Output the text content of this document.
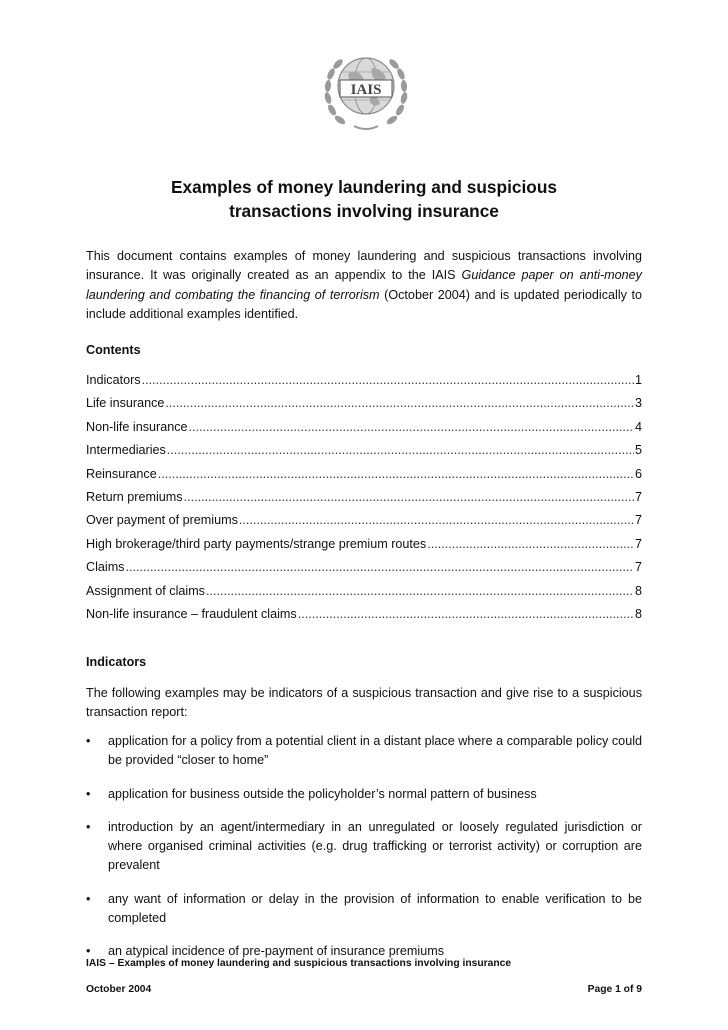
IAIS
Examples of money laundering and suspicious
transactions involving insurance

This document contains examples of money laundering and suspicious transactions involving insurance. It was originally created as an appendix to the IAIS Guidance paper on anti-money laundering and combating the financing of terrorism (October 2004) and is updated periodically to include additional examples identified.

Contents
Indicators .....	1
Life insurance .....	3
Non-life insurance .....	4
Intermediaries .....	5
Reinsurance .....	6
Return premiums .....	7
Over payment of premiums .....	7
High brokerage/third party payments/strange premium routes .....	7
Claims .....	7
Assignment of claims .....	8
Non-life insurance – fraudulent claims .....	8
Indicators

The following examples may be indicators of a suspicious transaction and give rise to a suspicious transaction report:

• application for a policy from a potential client in a distant place where a comparable policy could be provided “closer to home”
• application for business outside the policyholder’s normal pattern of business
• introduction by an agent/intermediary in an unregulated or loosely regulated jurisdiction or where organised criminal activities (e.g. drug trafficking or terrorist activity) or corruption are prevalent
• any want of information or delay in the provision of information to enable verification to be completed
• an atypical incidence of pre-payment of insurance premiums
IAIS – Examples of money laundering and suspicious transactions involving insurance
October 2004	Page 1 of 9
